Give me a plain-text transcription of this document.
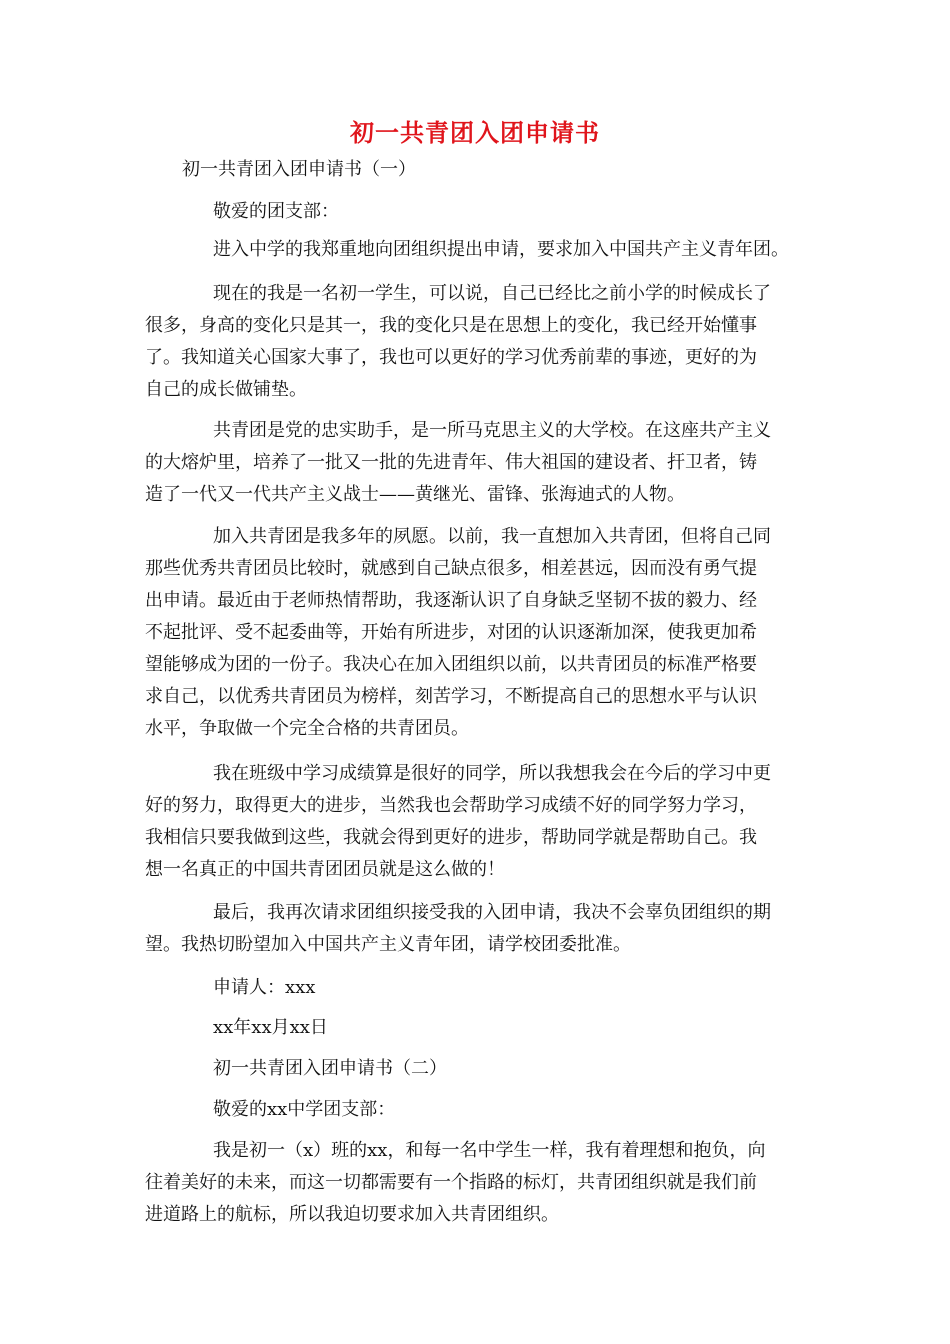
初一共青团入团申请书
初一共青团入团申请书（一）
敬爱的团支部：
进入中学的我郑重地向团组织提出申请，要求加入中国共产主义青年团。
现在的我是一名初一学生，可以说，自己已经比之前小学的时候成长了
很多，身高的变化只是其一，我的变化只是在思想上的变化，我已经开始懂事
了。我知道关心国家大事了，我也可以更好的学习优秀前辈的事迹，更好的为
自己的成长做铺垫。
共青团是党的忠实助手，是一所马克思主义的大学校。在这座共产主义
的大熔炉里，培养了一批又一批的先进青年、伟大祖国的建设者、扞卫者，铸
造了一代又一代共产主义战士——黄继光、雷锋、张海迪式的人物。
加入共青团是我多年的夙愿。以前，我一直想加入共青团，但将自己同
那些优秀共青团员比较时，就感到自己缺点很多，相差甚远，因而没有勇气提
出申请。最近由于老师热情帮助，我逐渐认识了自身缺乏坚韧不拔的毅力、经
不起批评、受不起委曲等，开始有所进步，对团的认识逐渐加深，使我更加希
望能够成为团的一份子。我决心在加入团组织以前，以共青团员的标准严格要
求自己，以优秀共青团员为榜样，刻苦学习，不断提高自己的思想水平与认识
水平，争取做一个完全合格的共青团员。
我在班级中学习成绩算是很好的同学，所以我想我会在今后的学习中更
好的努力，取得更大的进步，当然我也会帮助学习成绩不好的同学努力学习，
我相信只要我做到这些，我就会得到更好的进步，帮助同学就是帮助自己。我
想一名真正的中国共青团团员就是这么做的！
最后，我再次请求团组织接受我的入团申请，我决不会辜负团组织的期
望。我热切盼望加入中国共产主义青年团，请学校团委批准。
申请人：xxx
xx年xx月xx日
初一共青团入团申请书（二）
敬爱的xx中学团支部：
我是初一（x）班的xx，和每一名中学生一样，我有着理想和抱负，向
往着美好的未来，而这一切都需要有一个指路的标灯，共青团组织就是我们前
进道路上的航标，所以我迫切要求加入共青团组织。
